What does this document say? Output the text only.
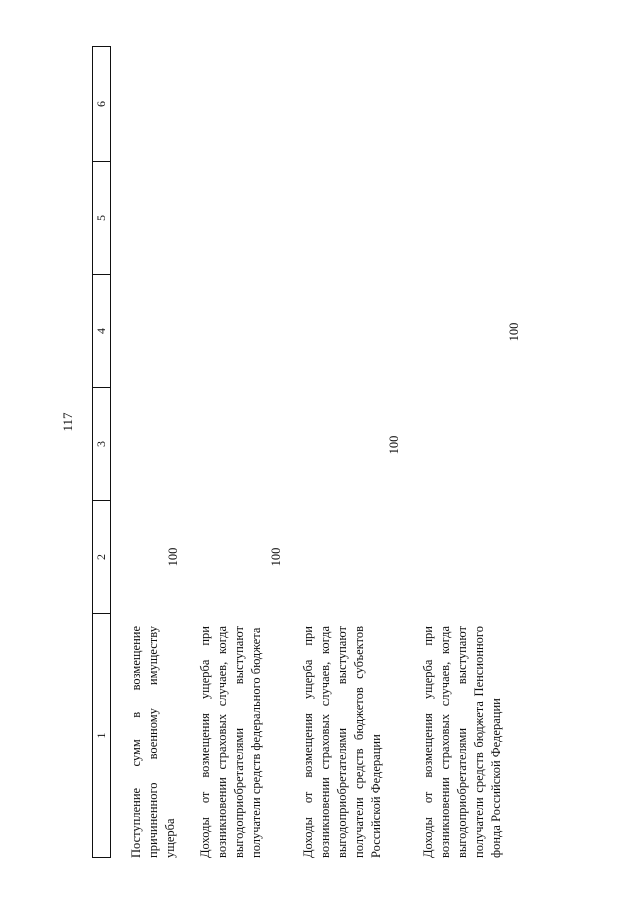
117
1
2
3
4
5
6
Поступление сумм в возмещение причиненного военному имуществу ущерба
100
Доходы от возмещения ущерба при возникновении страховых случаев, когда выгодоприобретателями выступают получатели средств федерального бюджета
100
Доходы от возмещения ущерба при возникновении страховых случаев, когда выгодоприобретателями выступают получатели средств бюджетов субъектов Российской Федерации
100
Доходы от возмещения ущерба при возникновении страховых случаев, когда выгодоприобретателями выступают получатели средств бюджета Пенсионного фонда Российской Федерации
100
